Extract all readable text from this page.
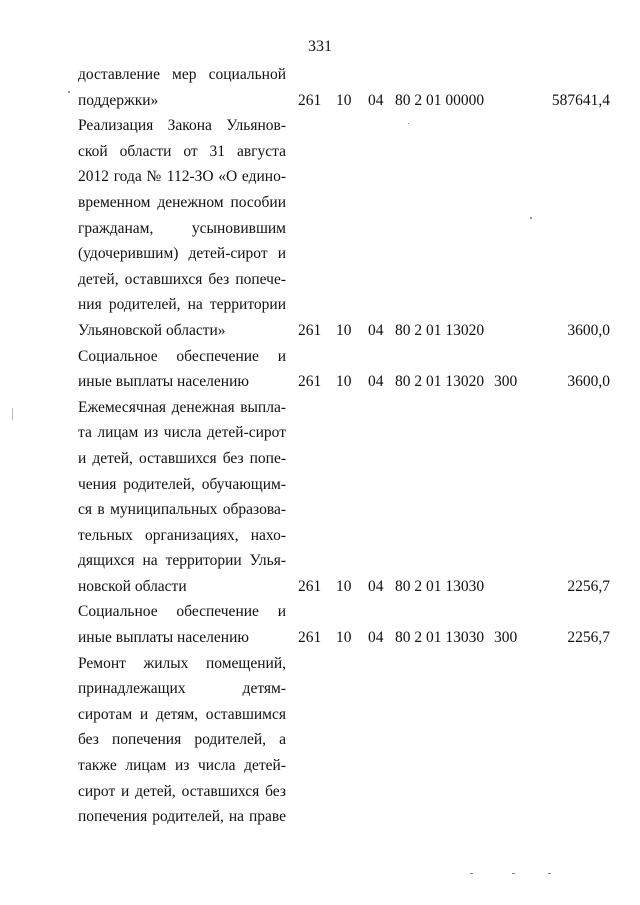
331
доставление мер социальной
поддержки»	261 10 04 80 2 01 00000	587641,4
Реализация Закона Ульянов-
ской области от 31 августа
2012 года № 112-ЗО «О едино-
временном денежном пособии
гражданам, усыновившим
(удочерившим) детей-сирот и
детей, оставшихся без попече-
ния родителей, на территории
Ульяновской области»	261 10 04 80 2 01 13020	3600,0
Социальное обеспечение и
иные выплаты населению	261 10 04 80 2 01 13020 300	3600,0
Ежемесячная денежная выпла-
та лицам из числа детей-сирот
и детей, оставшихся без попе-
чения родителей, обучающим-
ся в муниципальных образова-
тельных организациях, нахо-
дящихся на территории Улья-
новской области	261 10 04 80 2 01 13030	2256,7
Социальное обеспечение и
иные выплаты населению	261 10 04 80 2 01 13030 300	2256,7
Ремонт жилых помещений,
принадлежащих детям-
сиротам и детям, оставшимся
без попечения родителей, а
также лицам из числа детей-
сирот и детей, оставшихся без
попечения родителей, на праве
